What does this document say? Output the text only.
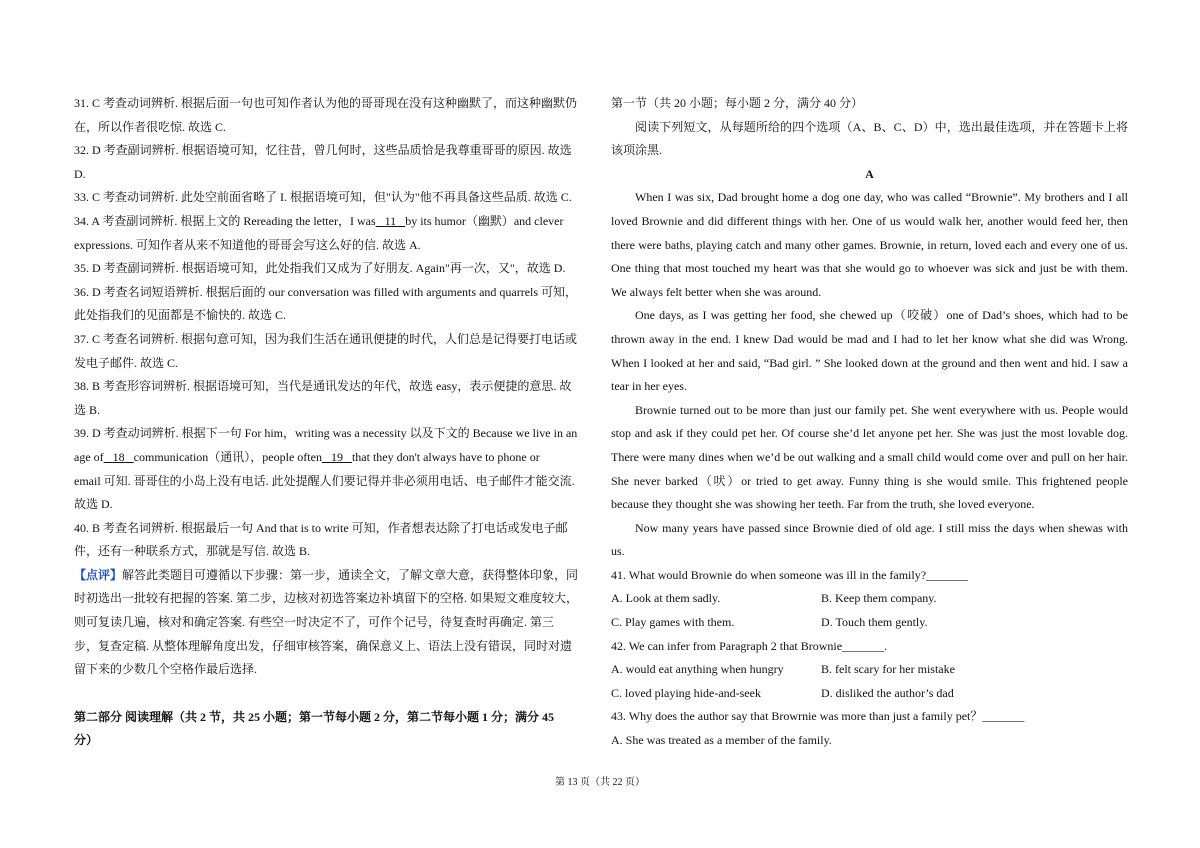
31. C 考查动词辨析. 根据后面一句也可知作者认为他的哥哥现在没有这种幽默了，而这种幽默仍

在，所以作者很吃惊. 故选 C.

32. D 考查副词辨析. 根据语境可知，忆往昔，曾几何时，这些品质恰是我尊重哥哥的原因. 故选

D.

33. C 考查动词辨析. 此处空前面省略了 I. 根据语境可知，但"认为"他不再具备这些品质. 故选 C.

34. A 考查副词辨析. 根据上文的 Rereading the letter，I was 11 by its humor（幽默）and clever

expressions. 可知作者从来不知道他的哥哥会写这么好的信. 故选 A.

35. D 考查副词辨析. 根据语境可知，此处指我们又成为了好朋友. Again"再一次，又"，故选 D.

36. D 考查名词短语辨析. 根据后面的 our conversation was filled with arguments and quarrels 可知，

此处指我们的见面都是不愉快的. 故选 C.

37. C 考查名词辨析. 根据句意可知，因为我们生活在通讯便捷的时代，人们总是记得要打电话或

发电子邮件. 故选 C.

38. B 考查形容词辨析. 根据语境可知，当代是通讯发达的年代，故选 easy，表示便捷的意思. 故

选 B.

39. D 考查动词辨析. 根据下一句 For him，writing was a necessity 以及下文的 Because we live in an

age of 18 communication（通讯），people often 19 that they don't always have to phone or

email 可知. 哥哥住的小岛上没有电话. 此处提醒人们要记得并非必须用电话、电子邮件才能交流.

故选 D.

40. B 考查名词辨析. 根据最后一句 And that is to write 可知，作者想表达除了打电话或发电子邮

件，还有一种联系方式，那就是写信. 故选 B.

【点评】解答此类题目可遵循以下步骤：第一步，通读全文，了解文章大意，获得整体印象，同

时初选出一批较有把握的答案. 第二步，边核对初选答案边补填留下的空格. 如果短文难度较大，

则可复读几遍，核对和确定答案. 有些空一时决定不了，可作个记号，待复查时再确定. 第三

步，复查定稿. 从整体理解角度出发，仔细审核答案，确保意义上、语法上没有错误，同时对遗

留下来的少数几个空格作最后选择.

第二部分 阅读理解（共 2 节，共 25 小题；第一节每小题 2 分，第二节每小题 1 分；满分 45

分）

第一节（共 20 小题；每小题 2 分，满分 40 分）

阅读下列短文，从每题所给的四个选项（A、B、C、D）中，选出最佳选项，并在答题卡上将该项涂黑.

A

When I was six, Dad brought home a dog one day, who was called “Brownie”. My brothers and I all loved Brownie and did different things with her. One of us would walk her, another would feed her, then there were baths, playing catch and many other games. Brownie, in return, loved each and every one of us. One thing that most touched my heart was that she would go to whoever was sick and just be with them. We always felt better when she was around.

One days, as I was getting her food, she chewed up（咬破）one of Dad’s shoes, which had to be thrown away in the end. I knew Dad would be mad and I had to let her know what she did was Wrong. When I looked at her and said, “Bad girl. ” She looked down at the ground and then went and hid. I saw a tear in her eyes.

Brownie turned out to be more than just our family pet. She went everywhere with us. People would stop and ask if they could pet her. Of course she’d let anyone pet her. She was just the most lovable dog. There were many dines when we’d be out walking and a small child would come over and pull on her hair. She never barked（吠）or tried to get away. Funny thing is she would smile. This frightened people because they thought she was showing her teeth. Far from the truth, she loved everyone.

Now many years have passed since Brownie died of old age. I still miss the days when shewas with us.

41. What would Brownie do when someone was ill in the family?_______

A. Look at them sadly.	B. Keep them company.

C. Play games with them.	D. Touch them gently.

42. We can infer from Paragraph 2 that Brownie_______.

A. would eat anything when hungry	B. felt scary for her mistake

C. loved playing hide-and-seek	D. disliked the author’s dad

43. Why does the author say that Browrnie was more than just a family pet？_______

A. She was treated as a member of the family.

第 13 页（共 22 页）
